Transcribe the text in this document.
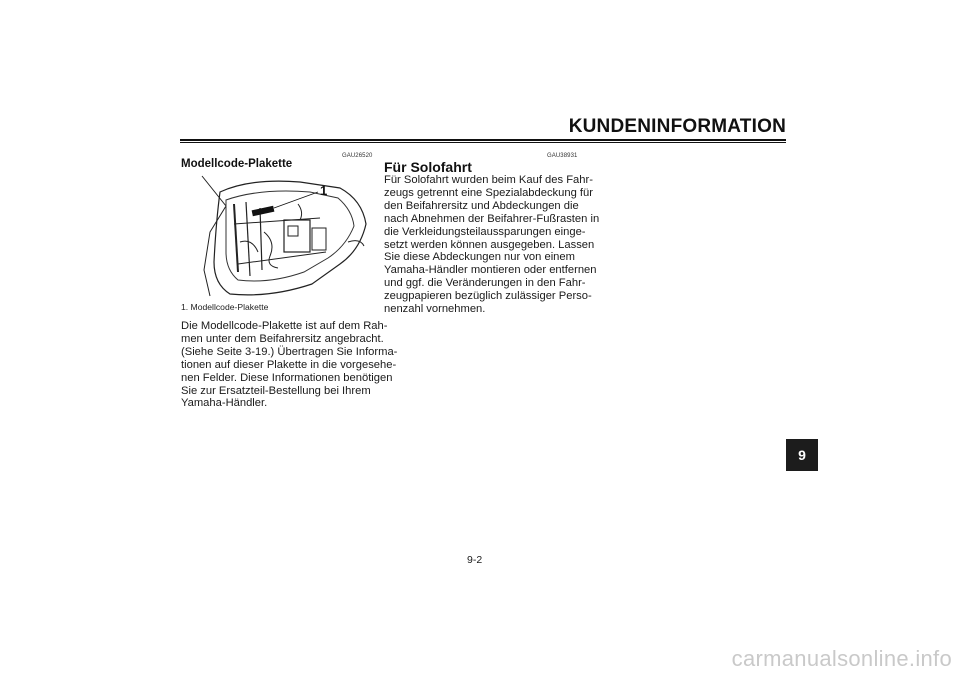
KUNDENINFORMATION
GAU26520
Modellcode-Plakette
1
1. Modellcode-Plakette

Die Modellcode-Plakette ist auf dem Rah-

men unter dem Beifahrersitz angebracht.

(Siehe Seite 3-19.) Übertragen Sie Informa-

tionen auf dieser Plakette in die vorgesehe-

nen Felder. Diese Informationen benötigen

Sie zur Ersatzteil-Bestellung bei Ihrem

Yamaha-Händler.

GAU38931
Für Solofahrt

Für Solofahrt wurden beim Kauf des Fahr-

zeugs getrennt eine Spezialabdeckung für

den Beifahrersitz und Abdeckungen die

nach Abnehmen der Beifahrer-Fußrasten in

die Verkleidungsteilaussparungen einge-

setzt werden können ausgegeben. Lassen

Sie diese Abdeckungen nur von einem

Yamaha-Händler montieren oder entfernen

und ggf. die Veränderungen in den Fahr-

zeugpapieren bezüglich zulässiger Perso-

nenzahl vornehmen.

9
9-2
carmanualsonline.info
